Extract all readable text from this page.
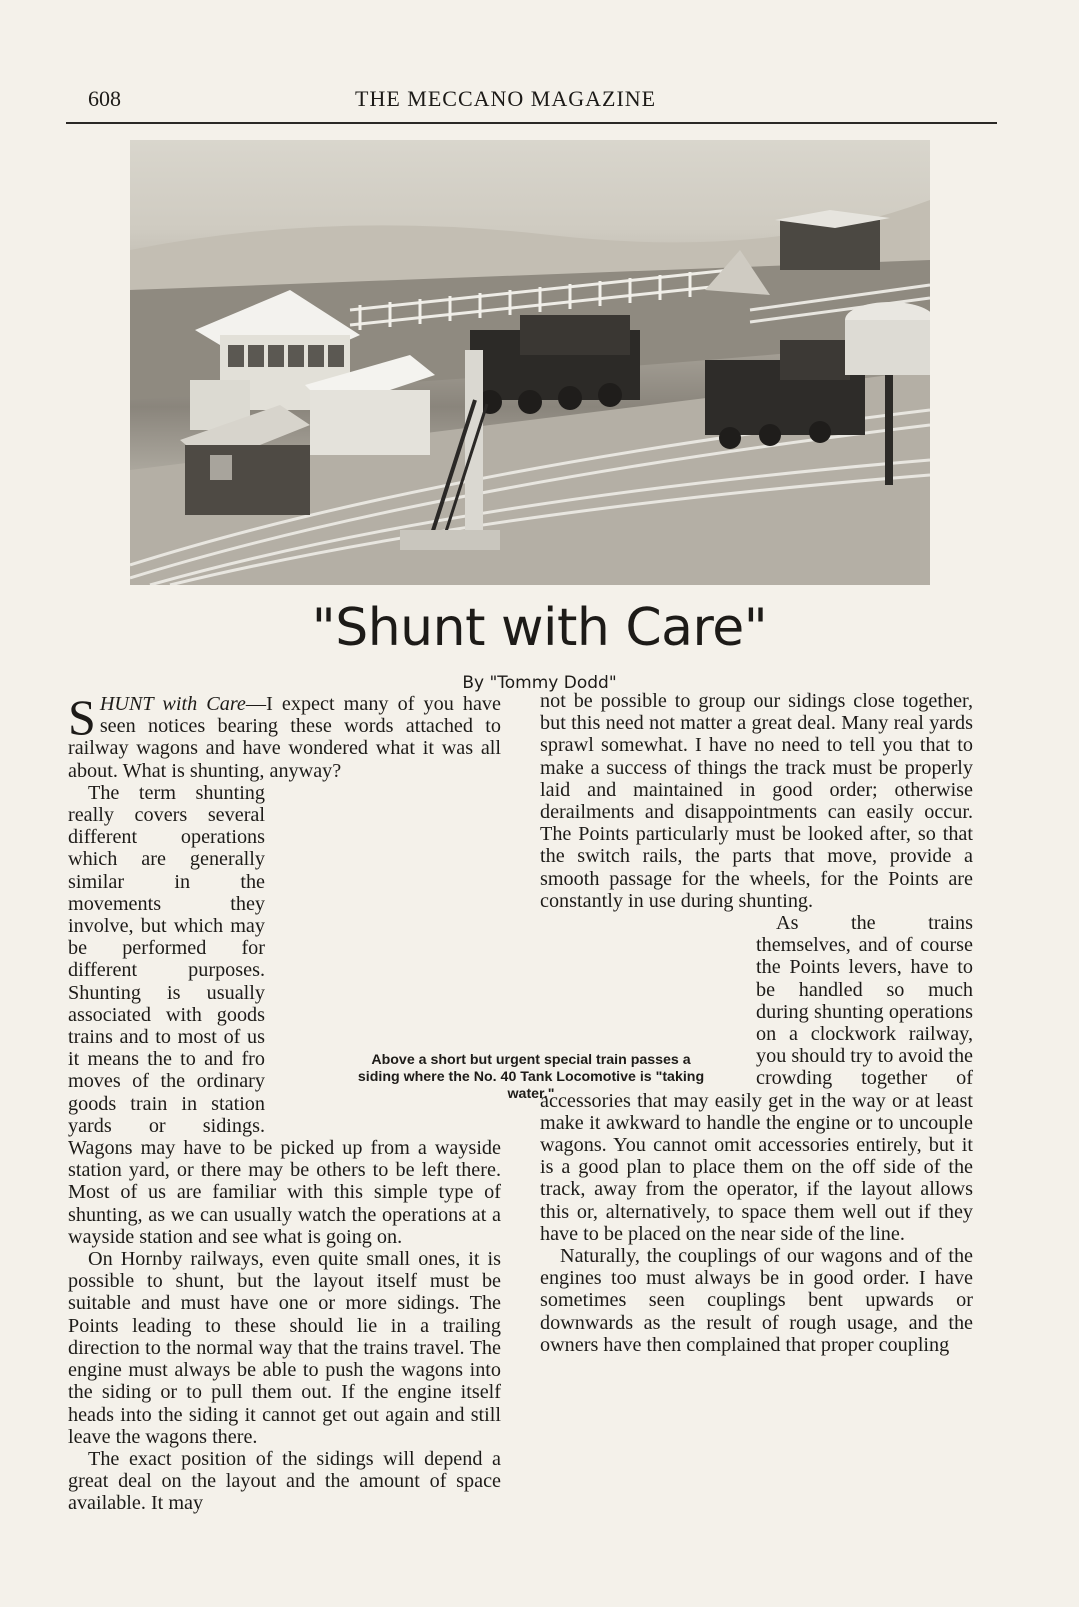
608	THE MECCANO MAGAZINE
"Shunt with Care"
By "Tommy Dodd"

SHUNT with Care—I expect many of you have seen notices bearing these words attached to railway wagons and have wondered what it was all about. What is shunting, anyway?

The term shunting really covers several different operations which are generally similar in the movements they involve, but which may be performed for different purposes. Shunting is usually associated with goods trains and to most of us it means the to and fro moves of the ordinary goods train in station yards or sidings. Wagons may have to be picked up from a wayside station yard, or there may be others to be left there. Most of us are familiar with this simple type of shunting, as we can usually watch the operations at a wayside station and see what is going on.

On Hornby railways, even quite small ones, it is possible to shunt, but the layout itself must be suitable and must have one or more sidings. The Points leading to these should lie in a trailing direction to the normal way that the trains travel. The engine must always be able to push the wagons into the siding or to pull them out. If the engine itself heads into the siding it cannot get out again and still leave the wagons there.

The exact position of the sidings will depend a great deal on the layout and the amount of space available. It may

Above a short but urgent special train passes a siding where the No. 40 Tank Locomotive is "taking water."

not be possible to group our sidings close together, but this need not matter a great deal. Many real yards sprawl somewhat. I have no need to tell you that to make a success of things the track must be properly laid and maintained in good order; otherwise derailments and disappointments can easily occur. The Points particularly must be looked after, so that the switch rails, the parts that move, provide a smooth passage for the wheels, for the Points are constantly in use during shunting.

As the trains themselves, and of course the Points levers, have to be handled so much during shunting operations on a clockwork railway, you should try to avoid the crowding together of accessories that may easily get in the way or at least make it awkward to handle the engine or to uncouple wagons. You cannot omit accessories entirely, but it is a good plan to place them on the off side of the track, away from the operator, if the layout allows this or, alternatively, to space them well out if they have to be placed on the near side of the line.

Naturally, the couplings of our wagons and of the engines too must always be in good order. I have sometimes seen couplings bent upwards or downwards as the result of rough usage, and the owners have then complained that proper coupling
